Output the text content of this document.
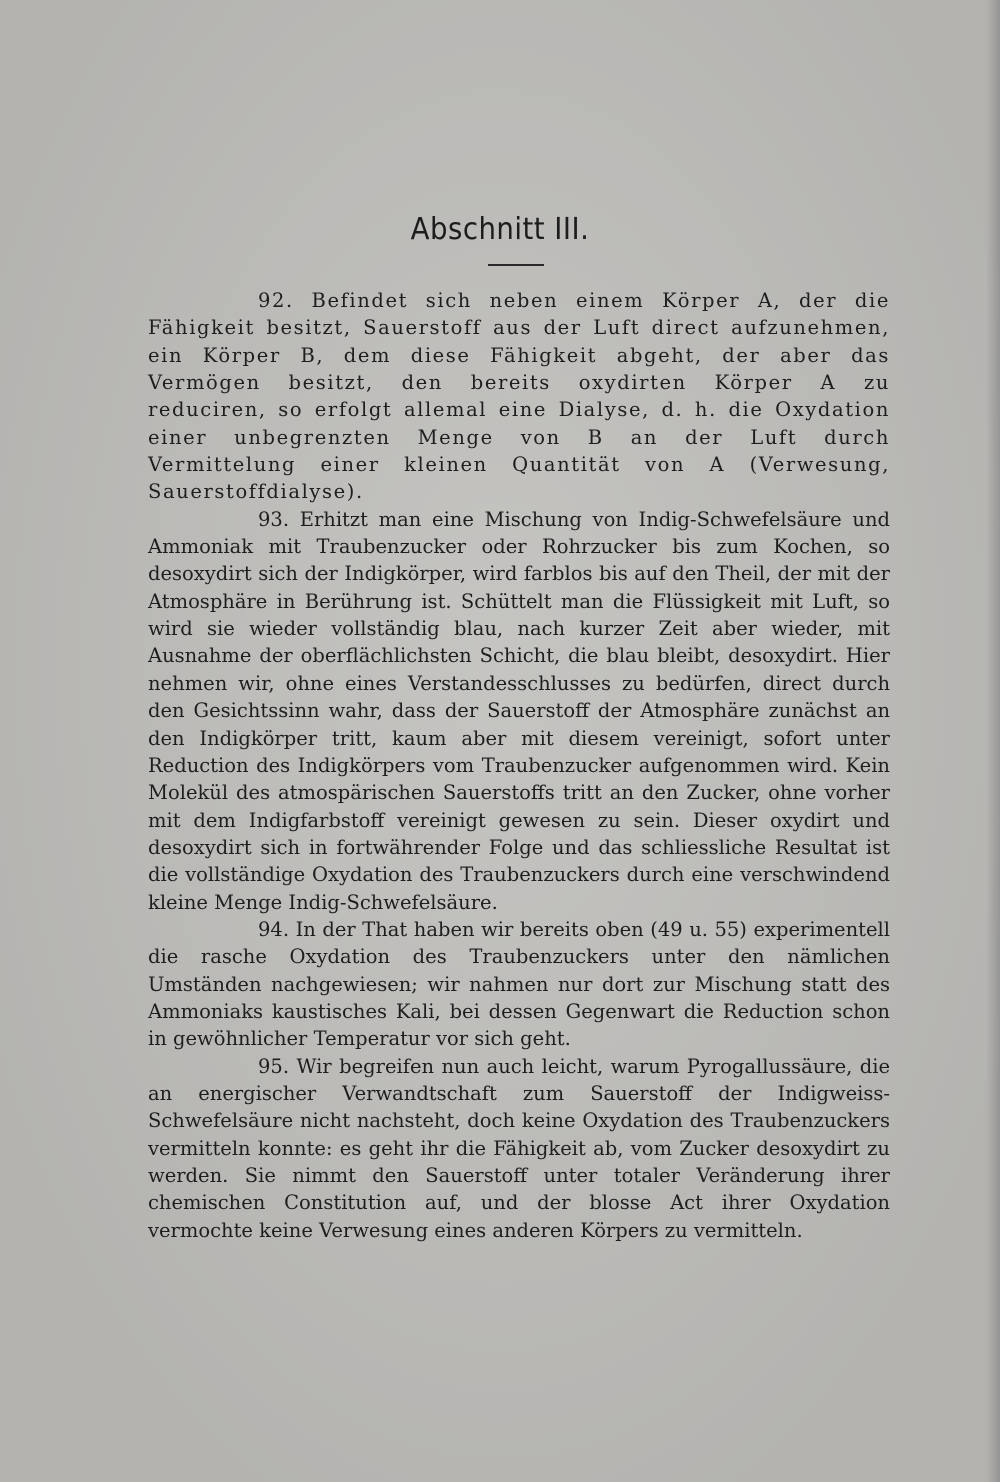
Abschnitt III.

92. Befindet sich neben einem Körper A, der die Fähigkeit besitzt, Sauerstoff aus der Luft direct aufzunehmen, ein Körper B, dem diese Fähigkeit abgeht, der aber das Vermögen besitzt, den bereits oxydirten Körper A zu reduciren, so erfolgt allemal eine Dialyse, d. h. die Oxydation einer unbegrenzten Menge von B an der Luft durch Vermittelung einer kleinen Quantität von A (Verwesung, Sauerstoffdialyse).

93. Erhitzt man eine Mischung von Indig-Schwefelsäure und Ammoniak mit Traubenzucker oder Rohrzucker bis zum Kochen, so desoxydirt sich der Indigkörper, wird farblos bis auf den Theil, der mit der Atmosphäre in Berührung ist. Schüttelt man die Flüssigkeit mit Luft, so wird sie wieder vollständig blau, nach kurzer Zeit aber wieder, mit Ausnahme der oberflächlichsten Schicht, die blau bleibt, desoxydirt. Hier nehmen wir, ohne eines Verstandesschlusses zu bedürfen, direct durch den Gesichtssinn wahr, dass der Sauerstoff der Atmosphäre zunächst an den Indigkörper tritt, kaum aber mit diesem vereinigt, sofort unter Reduction des Indigkörpers vom Traubenzucker aufgenommen wird. Kein Molekül des atmospärischen Sauerstoffs tritt an den Zucker, ohne vorher mit dem Indigfarbstoff vereinigt gewesen zu sein. Dieser oxydirt und desoxydirt sich in fortwährender Folge und das schliessliche Resultat ist die vollständige Oxydation des Traubenzuckers durch eine verschwindend kleine Menge Indig-Schwefelsäure.

94. In der That haben wir bereits oben (49 u. 55) experimentell die rasche Oxydation des Traubenzuckers unter den nämlichen Umständen nachgewiesen; wir nahmen nur dort zur Mischung statt des Ammoniaks kaustisches Kali, bei dessen Gegenwart die Reduction schon in gewöhnlicher Temperatur vor sich geht.

95. Wir begreifen nun auch leicht, warum Pyrogallussäure, die an energischer Verwandtschaft zum Sauerstoff der Indigweiss-Schwefelsäure nicht nachsteht, doch keine Oxydation des Traubenzuckers vermitteln konnte: es geht ihr die Fähigkeit ab, vom Zucker desoxydirt zu werden. Sie nimmt den Sauerstoff unter totaler Veränderung ihrer chemischen Constitution auf, und der blosse Act ihrer Oxydation vermochte keine Verwesung eines anderen Körpers zu vermitteln.
